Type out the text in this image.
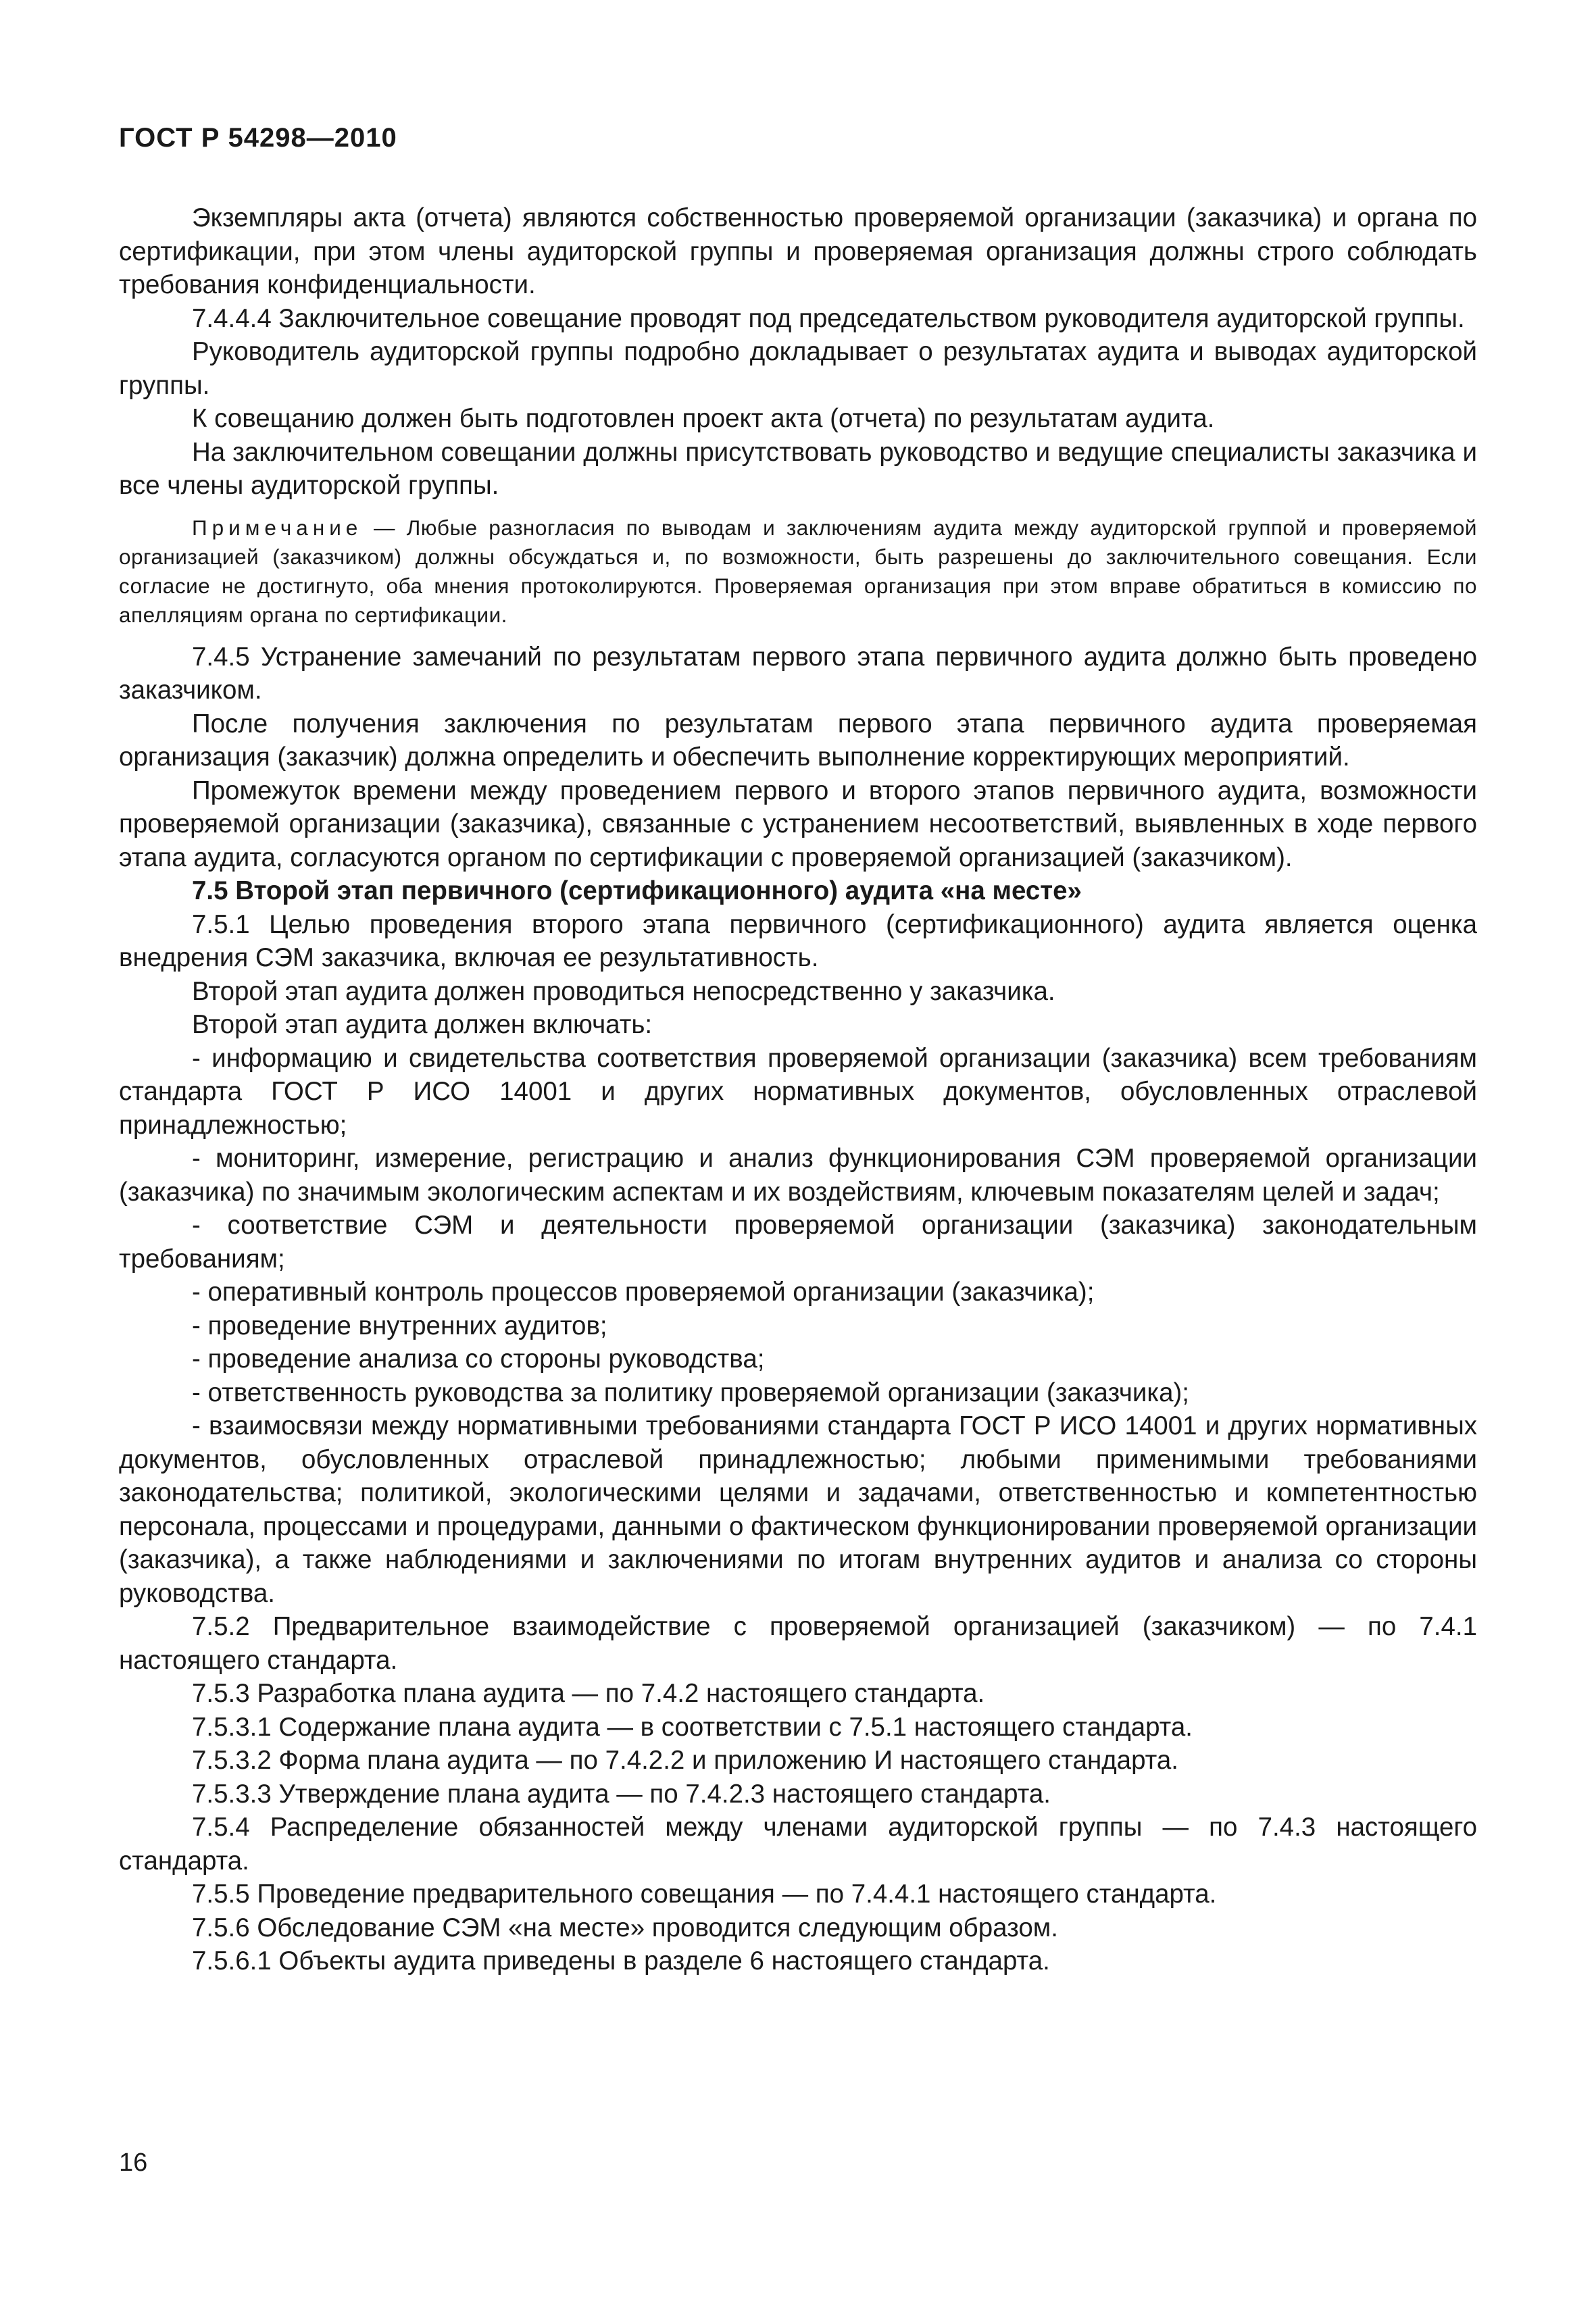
ГОСТ Р 54298—2010

Экземпляры акта (отчета) являются собственностью проверяемой организации (заказчика) и органа по сертификации, при этом члены аудиторской группы и проверяемая организация должны строго соблюдать требования конфиденциальности.

7.4.4.4 Заключительное совещание проводят под председательством руководителя аудиторской группы.

Руководитель аудиторской группы подробно докладывает о результатах аудита и выводах аудиторской группы.

К совещанию должен быть подготовлен проект акта (отчета) по результатам аудита.

На заключительном совещании должны присутствовать руководство и ведущие специалисты заказчика и все члены аудиторской группы.

Примечание — Любые разногласия по выводам и заключениям аудита между аудиторской группой и проверяемой организацией (заказчиком) должны обсуждаться и, по возможности, быть разрешены до заключительного совещания. Если согласие не достигнуто, оба мнения протоколируются. Проверяемая организация при этом вправе обратиться в комиссию по апелляциям органа по сертификации.

7.4.5 Устранение замечаний по результатам первого этапа первичного аудита должно быть проведено заказчиком.

После получения заключения по результатам первого этапа первичного аудита проверяемая организация (заказчик) должна определить и обеспечить выполнение корректирующих мероприятий.

Промежуток времени между проведением первого и второго этапов первичного аудита, возможности проверяемой организации (заказчика), связанные с устранением несоответствий, выявленных в ходе первого этапа аудита, согласуются органом по сертификации с проверяемой организацией (заказчиком).

7.5 Второй этап первичного (сертификационного) аудита «на месте»

7.5.1 Целью проведения второго этапа первичного (сертификационного) аудита является оценка внедрения СЭМ заказчика, включая ее результативность.

Второй этап аудита должен проводиться непосредственно у заказчика.

Второй этап аудита должен включать:

- информацию и свидетельства соответствия проверяемой организации (заказчика) всем требованиям стандарта ГОСТ Р ИСО 14001 и других нормативных документов, обусловленных отраслевой принадлежностью;

- мониторинг, измерение, регистрацию и анализ функционирования СЭМ проверяемой организации (заказчика) по значимым экологическим аспектам и их воздействиям, ключевым показателям целей и задач;

- соответствие СЭМ и деятельности проверяемой организации (заказчика) законодательным требованиям;

- оперативный контроль процессов проверяемой организации (заказчика);

- проведение внутренних аудитов;

- проведение анализа со стороны руководства;

- ответственность руководства за политику проверяемой организации (заказчика);

- взаимосвязи между нормативными требованиями стандарта ГОСТ Р ИСО 14001 и других нормативных документов, обусловленных отраслевой принадлежностью; любыми применимыми требованиями законодательства; политикой, экологическими целями и задачами, ответственностью и компетентностью персонала, процессами и процедурами, данными о фактическом функционировании проверяемой организации (заказчика), а также наблюдениями и заключениями по итогам внутренних аудитов и анализа со стороны руководства.

7.5.2 Предварительное взаимодействие с проверяемой организацией (заказчиком) — по 7.4.1 настоящего стандарта.

7.5.3 Разработка плана аудита — по 7.4.2 настоящего стандарта.

7.5.3.1 Содержание плана аудита — в соответствии с 7.5.1 настоящего стандарта.

7.5.3.2 Форма плана аудита — по 7.4.2.2 и приложению И настоящего стандарта.

7.5.3.3 Утверждение плана аудита — по 7.4.2.3 настоящего стандарта.

7.5.4 Распределение обязанностей между членами аудиторской группы — по 7.4.3 настоящего стандарта.

7.5.5 Проведение предварительного совещания — по 7.4.4.1 настоящего стандарта.

7.5.6 Обследование СЭМ «на месте» проводится следующим образом.

7.5.6.1 Объекты аудита приведены в разделе 6 настоящего стандарта.

16
